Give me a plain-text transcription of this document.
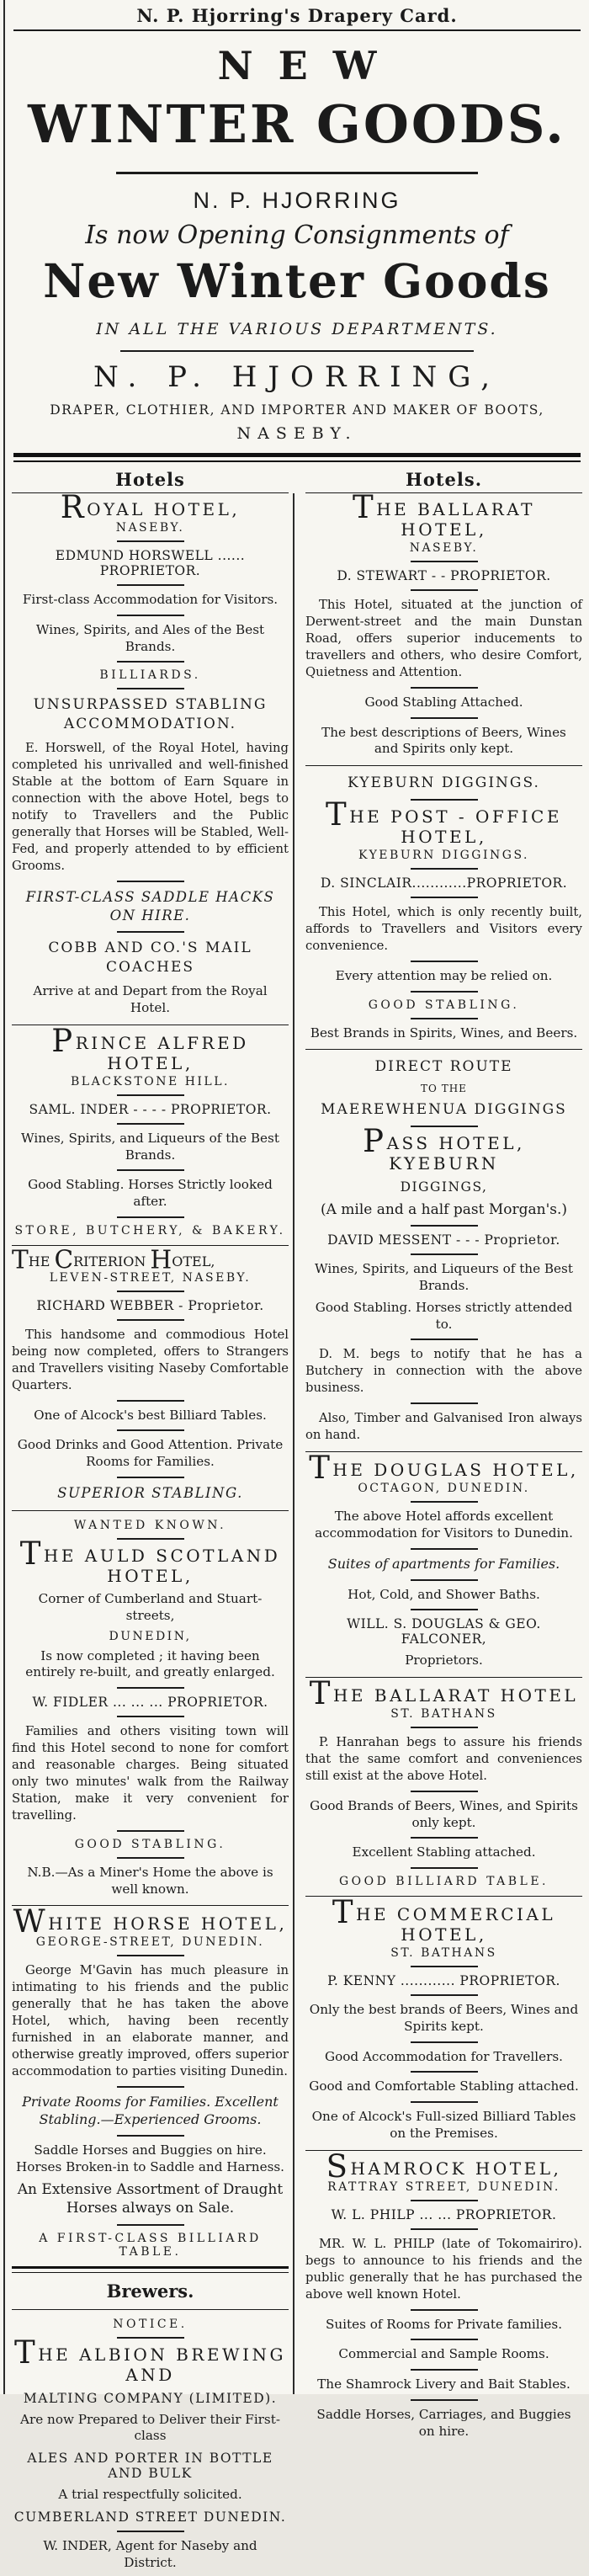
N. P. Hjorring's Drapery Card.
NEW
WINTER GOODS.
N. P. HJORRING
Is now Opening Consignments of
New Winter Goods
IN ALL THE VARIOUS DEPARTMENTS.
N. P. HJORRING,
DRAPER, CLOTHIER, AND IMPORTER AND MAKER OF BOOTS,
NASEBY.
Hotels
ROYAL HOTEL,
NASEBY.
EDMUND HORSWELL ...... PROPRIETOR.
First-class Accommodation for Visitors.
Wines, Spirits, and Ales of the Best Brands.
BILLIARDS.
UNSURPASSED STABLING ACCOMMODATION.
E. Horswell, of the Royal Hotel, having completed his unrivalled and well-finished Stable at the bottom of Earn Square in connection with the above Hotel, begs to notify to Travellers and the Public generally that Horses will be Stabled, Well-Fed, and properly attended to by efficient Grooms.
FIRST-CLASS SADDLE HACKS ON HIRE.
COBB AND CO.'S MAIL COACHES
Arrive at and Depart from the Royal Hotel.
PRINCE ALFRED HOTEL,
BLACKSTONE HILL.
SAML. INDER - - - - PROPRIETOR.
Wines, Spirits, and Liqueurs of the Best Brands.
Good Stabling. Horses Strictly looked after.
STORE, BUTCHERY, & BAKERY.
THE CRITERION HOTEL,
LEVEN-STREET, NASEBY.
RICHARD WEBBER - Proprietor.
This handsome and commodious Hotel being now completed, offers to Strangers and Travellers visiting Naseby Comfortable Quarters.
One of Alcock's best Billiard Tables.
Good Drinks and Good Attention. Private Rooms for Families.
SUPERIOR STABLING.
WANTED KNOWN.
THE AULD SCOTLAND HOTEL,
Corner of Cumberland and Stuart-streets,
DUNEDIN,
Is now completed ; it having been entirely re-built, and greatly enlarged.
W. FIDLER ... ... ... PROPRIETOR.
Families and others visiting town will find this Hotel second to none for comfort and reasonable charges. Being situated only two minutes' walk from the Railway Station, make it very convenient for travelling.
GOOD STABLING.
N.B.—As a Miner's Home the above is well known.
WHITE HORSE HOTEL,
GEORGE-STREET, DUNEDIN.
George M'Gavin has much pleasure in intimating to his friends and the public generally that he has taken the above Hotel, which, having been recently furnished in an elaborate manner, and otherwise greatly improved, offers superior accommodation to parties visiting Dunedin.
Private Rooms for Families. Excellent Stabling.—Experienced Grooms.
Saddle Horses and Buggies on hire. Horses Broken-in to Saddle and Harness.
An Extensive Assortment of Draught Horses always on Sale.
A FIRST-CLASS BILLIARD TABLE.
Brewers.
NOTICE.
THE ALBION BREWING AND
MALTING COMPANY (LIMITED).
Are now Prepared to Deliver their First-class
ALES AND PORTER IN BOTTLE AND BULK
A trial respectfully solicited.
CUMBERLAND STREET DUNEDIN.
W. INDER, Agent for Naseby and District.
Hotels.
THE BALLARAT HOTEL,
NASEBY.
D. STEWART - - PROPRIETOR.
This Hotel, situated at the junction of Derwent-street and the main Dunstan Road, offers superior inducements to travellers and others, who desire Comfort, Quietness and Attention.
Good Stabling Attached.
The best descriptions of Beers, Wines and Spirits only kept.
KYEBURN DIGGINGS.
THE POST - OFFICE HOTEL,
KYEBURN DIGGINGS.
D. SINCLAIR............PROPRIETOR.
This Hotel, which is only recently built, affords to Travellers and Visitors every convenience.
Every attention may be relied on.
GOOD STABLING.
Best Brands in Spirits, Wines, and Beers.
DIRECT ROUTE
TO THE
MAEREWHENUA DIGGINGS
PASS HOTEL, KYEBURN
DIGGINGS,
(A mile and a half past Morgan's.)
DAVID MESSENT - - - Proprietor.
Wines, Spirits, and Liqueurs of the Best Brands.
Good Stabling. Horses strictly attended to.
D. M. begs to notify that he has a Butchery in connection with the above business.
Also, Timber and Galvanised Iron always on hand.
THE DOUGLAS HOTEL,
OCTAGON, DUNEDIN.
The above Hotel affords excellent accommodation for Visitors to Dunedin.
Suites of apartments for Families.
Hot, Cold, and Shower Baths.
WILL. S. DOUGLAS & GEO. FALCONER,
Proprietors.
THE BALLARAT HOTEL
ST. BATHANS
P. Hanrahan begs to assure his friends that the same comfort and conveniences still exist at the above Hotel.
Good Brands of Beers, Wines, and Spirits only kept.
Excellent Stabling attached.
GOOD BILLIARD TABLE.
THE COMMERCIAL HOTEL,
ST. BATHANS
P. KENNY ............ PROPRIETOR.
Only the best brands of Beers, Wines and Spirits kept.
Good Accommodation for Travellers.
Good and Comfortable Stabling attached.
One of Alcock's Full-sized Billiard Tables on the Premises.
SHAMROCK HOTEL,
RATTRAY STREET, DUNEDIN.
W. L. PHILP ... ... PROPRIETOR.
MR. W. L. PHILP (late of Tokomairiro). begs to announce to his friends and the public generally that he has purchased the above well known Hotel.
Suites of Rooms for Private families.
Commercial and Sample Rooms.
The Shamrock Livery and Bait Stables.
Saddle Horses, Carriages, and Buggies on hire.
